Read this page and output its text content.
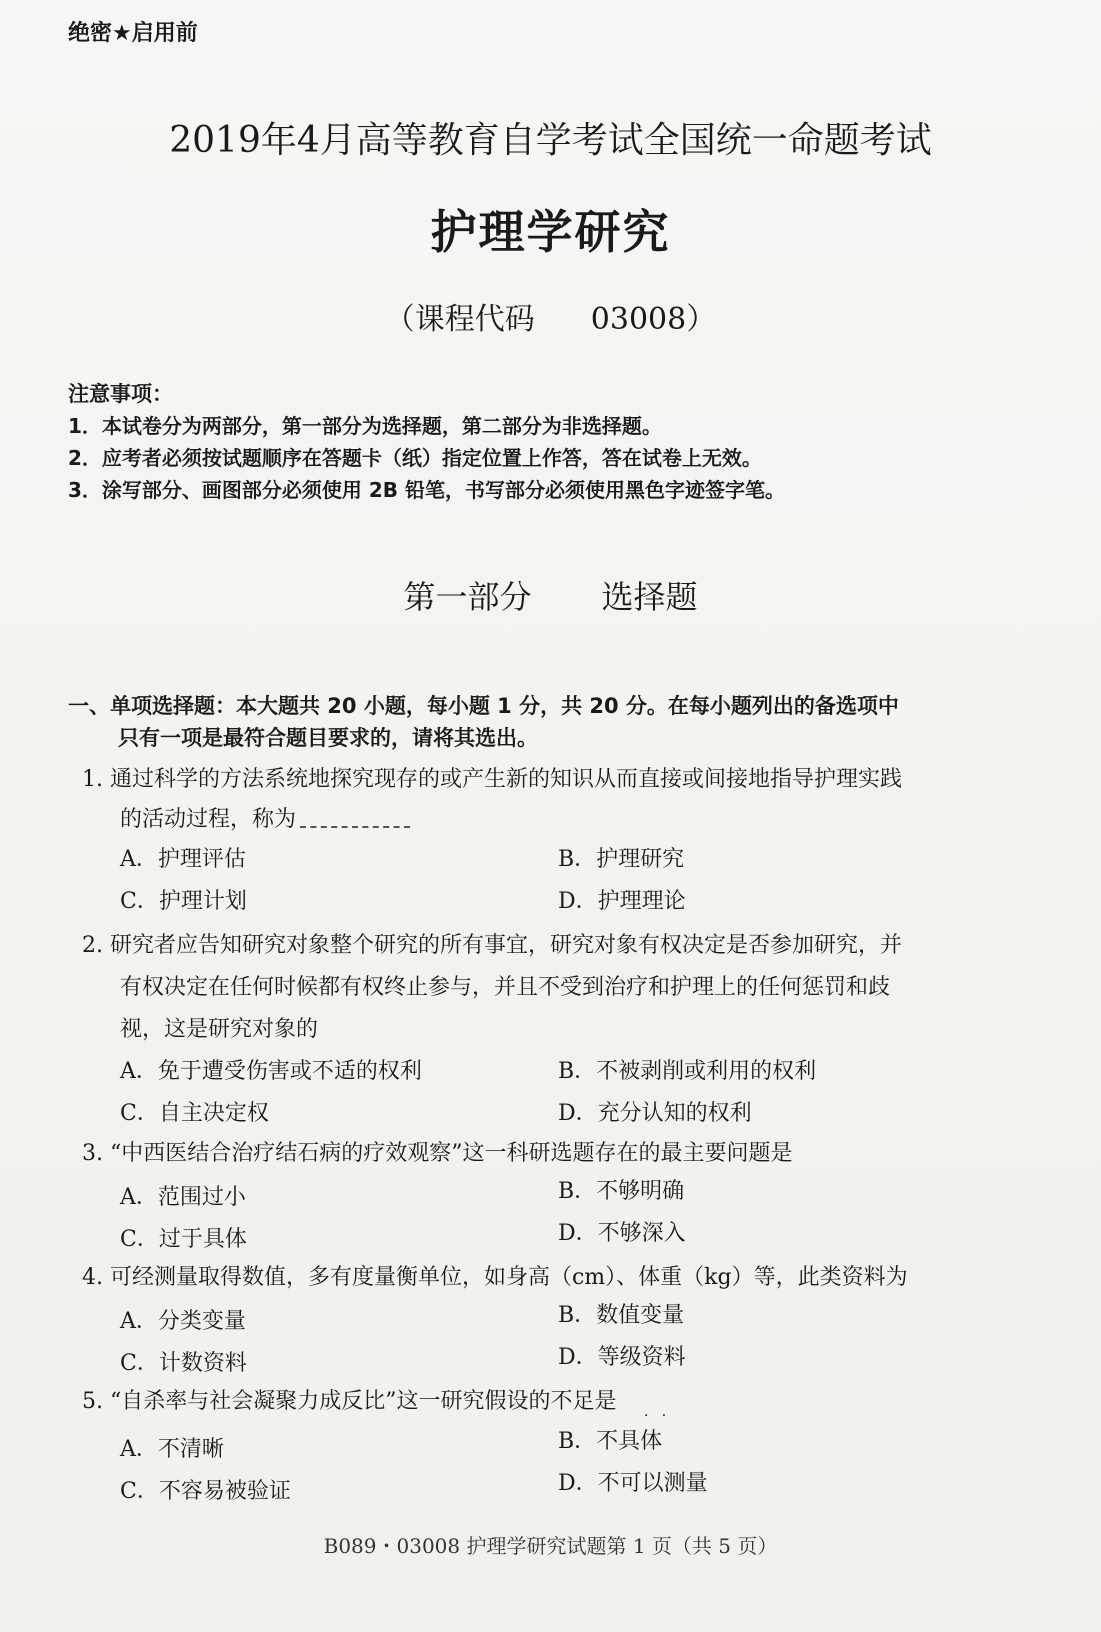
绝密★启用前
2019年4月高等教育自学考试全国统一命题考试
护理学研究
（课程代码 03008）
注意事项：
1．本试卷分为两部分，第一部分为选择题，第二部分为非选择题。
2．应考者必须按试题顺序在答题卡（纸）指定位置上作答，答在试卷上无效。
3．涂写部分、画图部分必须使用 2B 铅笔，书写部分必须使用黑色字迹签字笔。
第一部分 选择题
一、单项选择题：本大题共 20 小题，每小题 1 分，共 20 分。在每小题列出的备选项中
只有一项是最符合题目要求的，请将其选出。
1. 通过科学的方法系统地探究现存的或产生新的知识从而直接或间接地指导护理实践
的活动过程，称为
A．护理评估	B．护理研究
C．护理计划	D．护理理论
2. 研究者应告知研究对象整个研究的所有事宜，研究对象有权决定是否参加研究，并
有权决定在任何时候都有权终止参与，并且不受到治疗和护理上的任何惩罚和歧
视，这是研究对象的
A．免于遭受伤害或不适的权利	B．不被剥削或利用的权利
C．自主决定权	D．充分认知的权利
3. “中西医结合治疗结石病的疗效观察”这一科研选题存在的最主要问题是
A．范围过小	B．不够明确
C．过于具体	D．不够深入
4. 可经测量取得数值，多有度量衡单位，如身高（cm）、体重（kg）等，此类资料为
A．分类变量	B．数值变量
C．计数资料	D．等级资料
5. “自杀率与社会凝聚力成反比”这一研究假设的不足是
·   ·
A．不清晰	B．不具体
C．不容易被验证	D．不可以测量
B089・03008 护理学研究试题第 1 页（共 5 页）
